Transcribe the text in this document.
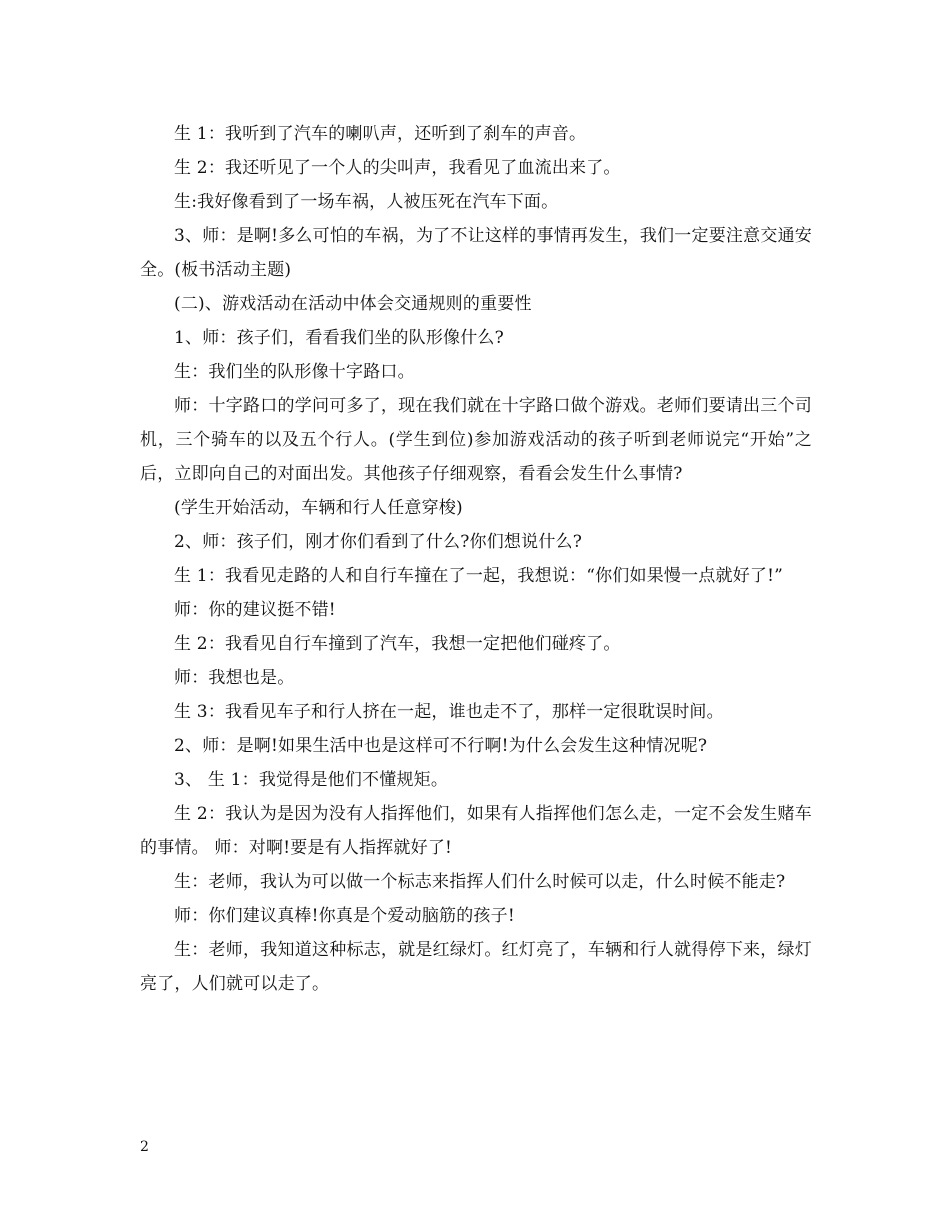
生 1：我听到了汽车的喇叭声，还听到了刹车的声音。

生 2：我还听见了一个人的尖叫声，我看见了血流出来了。

生:我好像看到了一场车祸，人被压死在汽车下面。

3、师：是啊!多么可怕的车祸，为了不让这样的事情再发生，我们一定要注意交通安全。(板书活动主题)

(二)、游戏活动在活动中体会交通规则的重要性

1、师：孩子们，看看我们坐的队形像什么?

生：我们坐的队形像十字路口。

师：十字路口的学问可多了，现在我们就在十字路口做个游戏。老师们要请出三个司机，三个骑车的以及五个行人。(学生到位)参加游戏活动的孩子听到老师说完“开始”之后，立即向自己的对面出发。其他孩子仔细观察，看看会发生什么事情?

(学生开始活动，车辆和行人任意穿梭)

2、师：孩子们，刚才你们看到了什么?你们想说什么?

生 1：我看见走路的人和自行车撞在了一起，我想说：“你们如果慢一点就好了!”

师：你的建议挺不错!

生 2：我看见自行车撞到了汽车，我想一定把他们碰疼了。

师：我想也是。

生 3：我看见车子和行人挤在一起，谁也走不了，那样一定很耽误时间。

2、师：是啊!如果生活中也是这样可不行啊!为什么会发生这种情况呢?

3、 生 1：我觉得是他们不懂规矩。

生 2：我认为是因为没有人指挥他们，如果有人指挥他们怎么走，一定不会发生赌车的事情。 师：对啊!要是有人指挥就好了!

生：老师，我认为可以做一个标志来指挥人们什么时候可以走，什么时候不能走?

师：你们建议真棒!你真是个爱动脑筋的孩子!

生：老师，我知道这种标志，就是红绿灯。红灯亮了，车辆和行人就得停下来，绿灯亮了，人们就可以走了。

2
